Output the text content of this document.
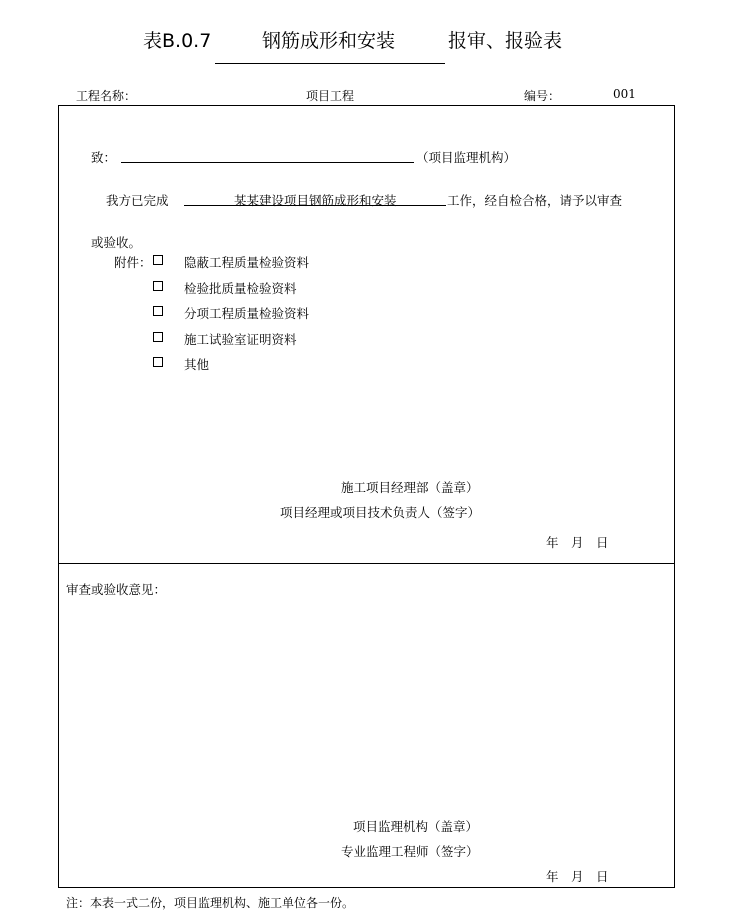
表B.0.7	钢筋成形和安装	报审、报验表
工程名称：	项目工程	编号：	001
致：	（项目监理机构）
我方已完成	某某建设项目钢筋成形和安装	工作，经自检合格，请予以审查
或验收。
附件：	隐蔽工程质量检验资料
检验批质量检验资料
分项工程质量检验资料
施工试验室证明资料
其他
施工项目经理部（盖章）
项目经理或项目技术负责人（签字）
年　月　日
审查或验收意见：
项目监理机构（盖章）
专业监理工程师（签字）
年　月　日
注：本表一式二份，项目监理机构、施工单位各一份。
